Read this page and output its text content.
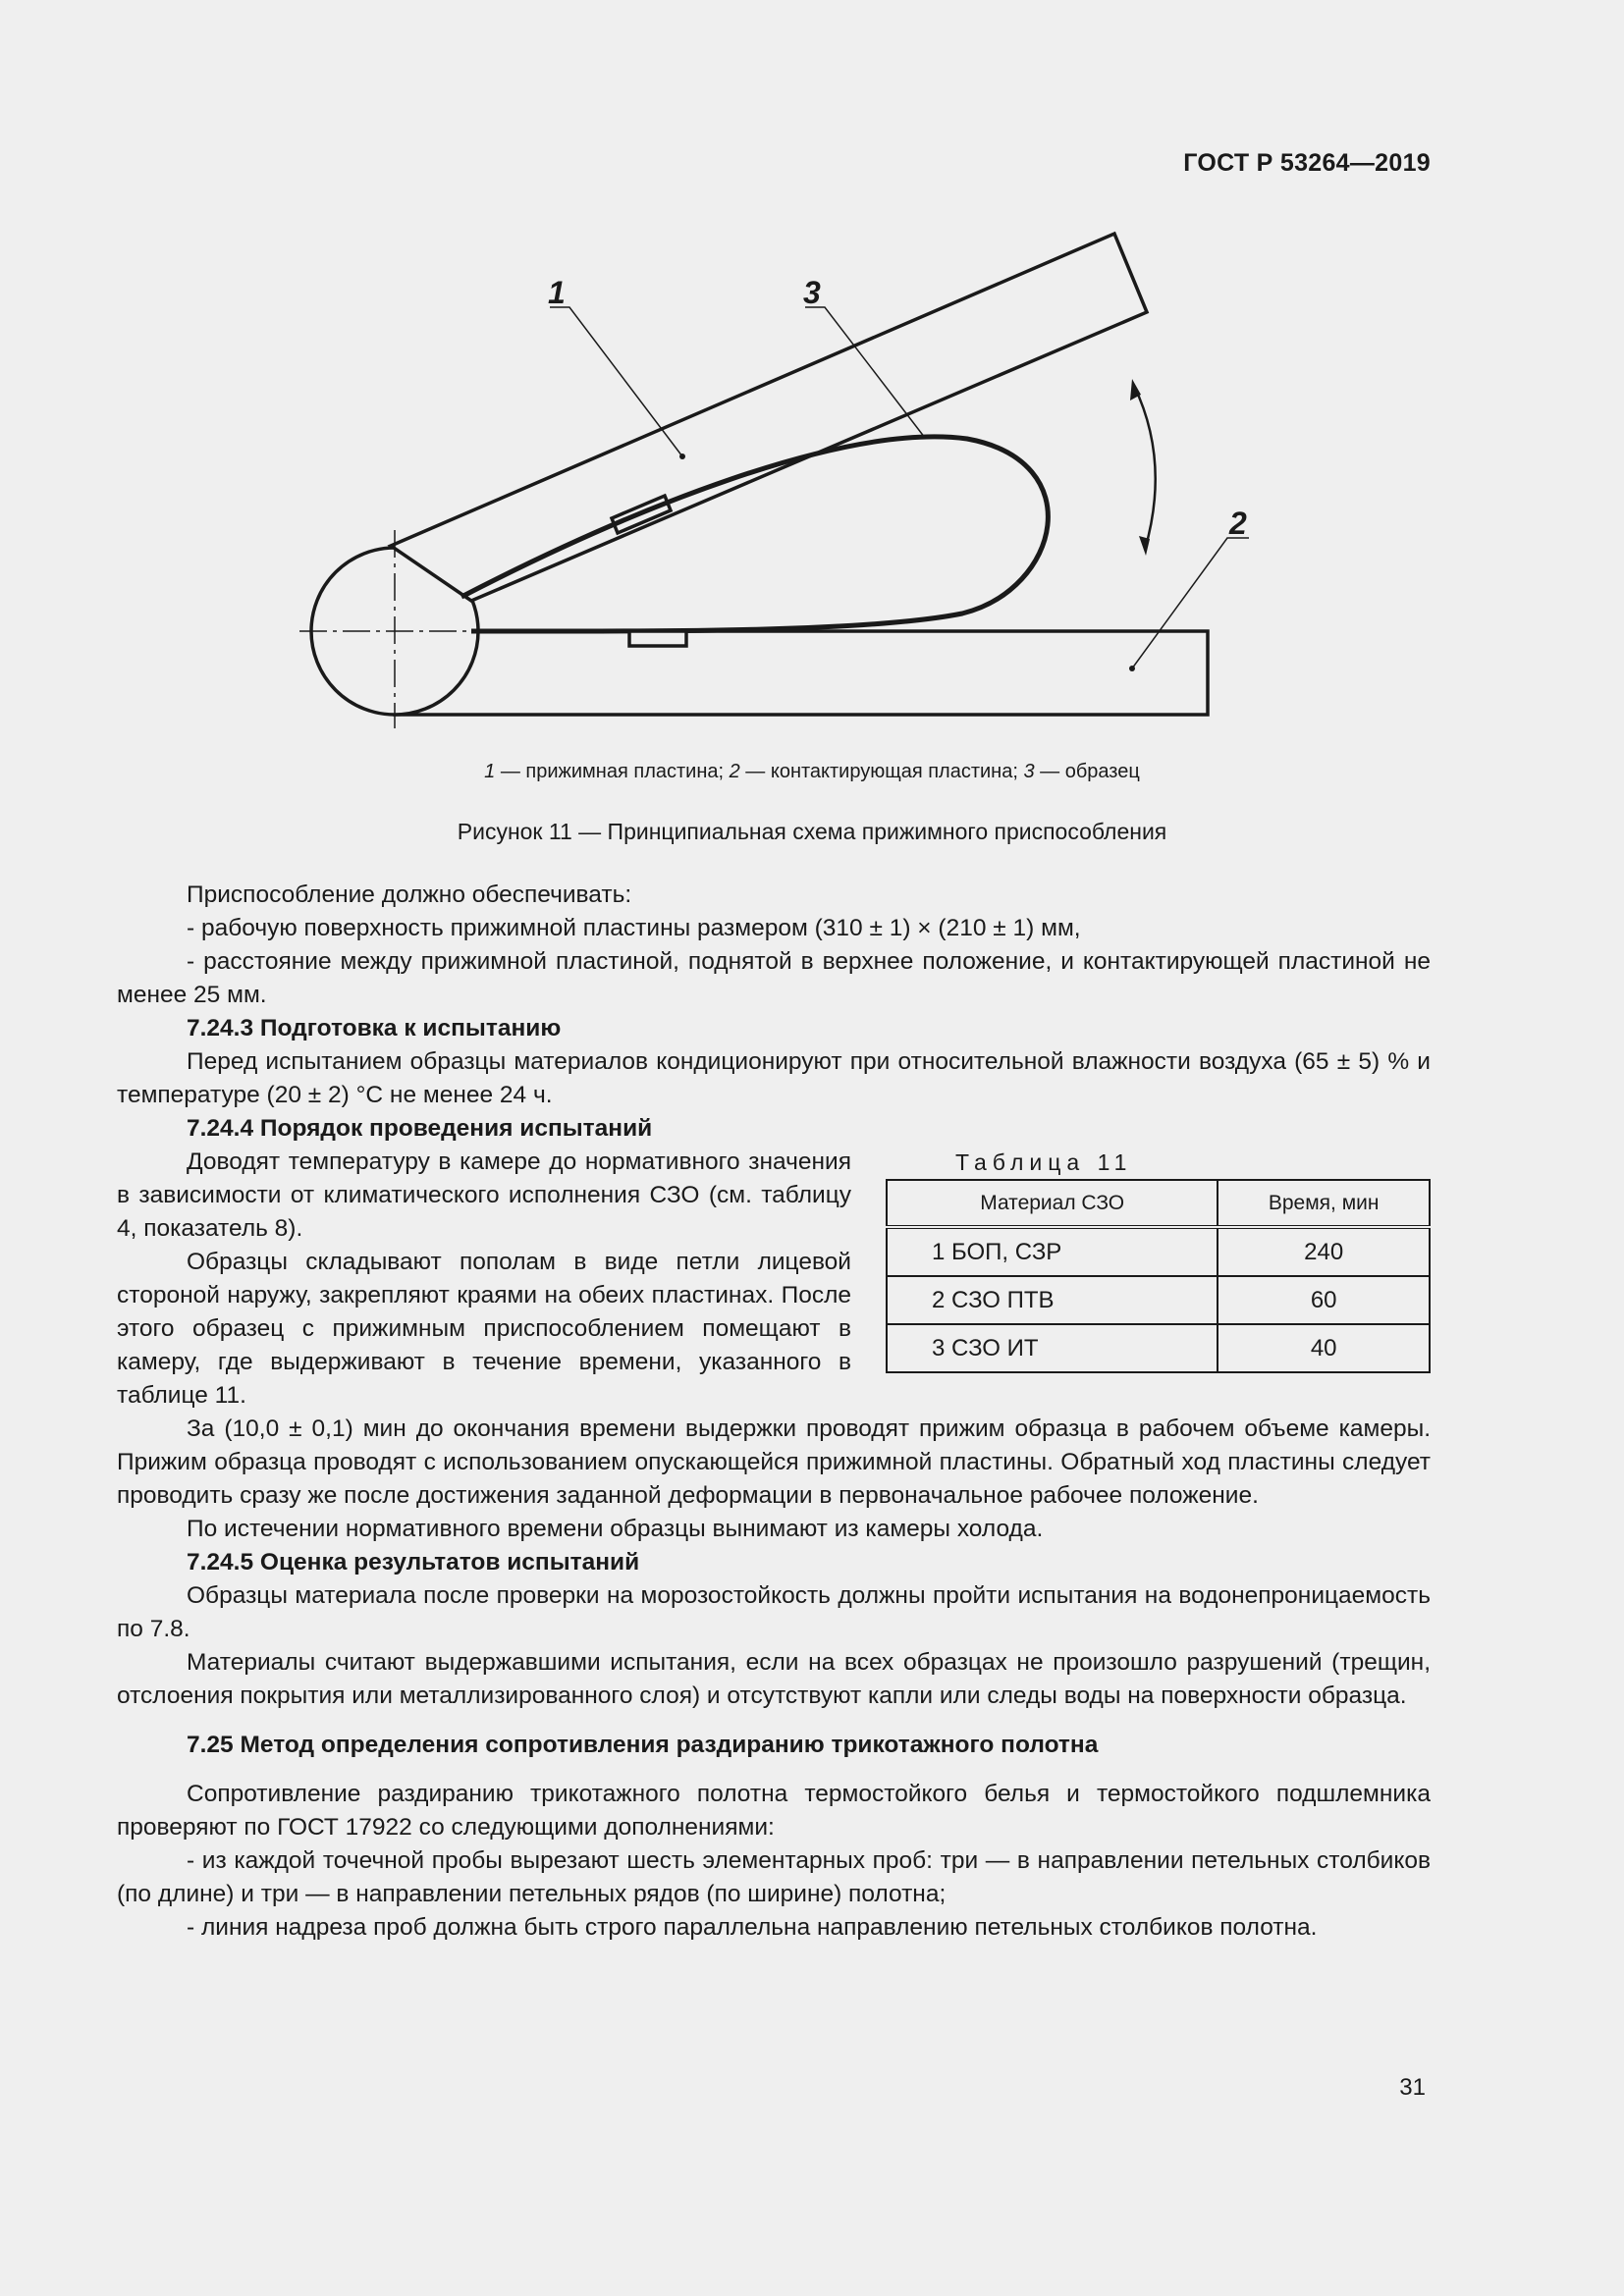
ГОСТ Р 53264—2019
1	3
2
1 — прижимная пластина; 2 — контактирующая пластина; 3 — образец
Рисунок 11 — Принципиальная схема прижимного приспособления

Приспособление должно обеспечивать:

- рабочую поверхность прижимной пластины размером (310 ± 1) × (210 ± 1) мм,

- расстояние между прижимной пластиной, поднятой в верхнее положение, и контактирующей пластиной не менее 25 мм.

7.24.3 Подготовка к испытанию

Перед испытанием образцы материалов кондиционируют при относительной влажности воздуха (65 ± 5) % и температуре (20 ± 2) °С не менее 24 ч.

7.24.4 Порядок проведения испытаний

Доводят температуру в камере до нормативного значения в зависимости от климатического исполнения СЗО (см. таблицу 4, показатель 8).

Образцы складывают пополам в виде петли лицевой стороной наружу, закрепляют краями на обеих пластинах. После этого образец с прижимным приспособлением помещают в камеру, где выдерживают в течение времени, указанного в таблице 11.

Таблица 11

Материал СЗО	Время, мин
1 БОП, СЗР	240
2 СЗО ПТВ	60
3 СЗО ИТ	40

За (10,0 ± 0,1) мин до окончания времени выдержки проводят прижим образца в рабочем объеме камеры. Прижим образца проводят с использованием опускающейся прижимной пластины. Обратный ход пластины следует проводить сразу же после достижения заданной деформации в первоначальное рабочее положение.

По истечении нормативного времени образцы вынимают из камеры холода.

7.24.5 Оценка результатов испытаний

Образцы материала после проверки на морозостойкость должны пройти испытания на водонепроницаемость по 7.8.

Материалы считают выдержавшими испытания, если на всех образцах не произошло разрушений (трещин, отслоения покрытия или металлизированного слоя) и отсутствуют капли или следы воды на поверхности образца.

7.25 Метод определения сопротивления раздиранию трикотажного полотна

Сопротивление раздиранию трикотажного полотна термостойкого белья и термостойкого подшлемника проверяют по ГОСТ 17922 со следующими дополнениями:

- из каждой точечной пробы вырезают шесть элементарных проб: три — в направлении петельных столбиков (по длине) и три — в направлении петельных рядов (по ширине) полотна;

- линия надреза проб должна быть строго параллельна направлению петельных столбиков полотна.

31
